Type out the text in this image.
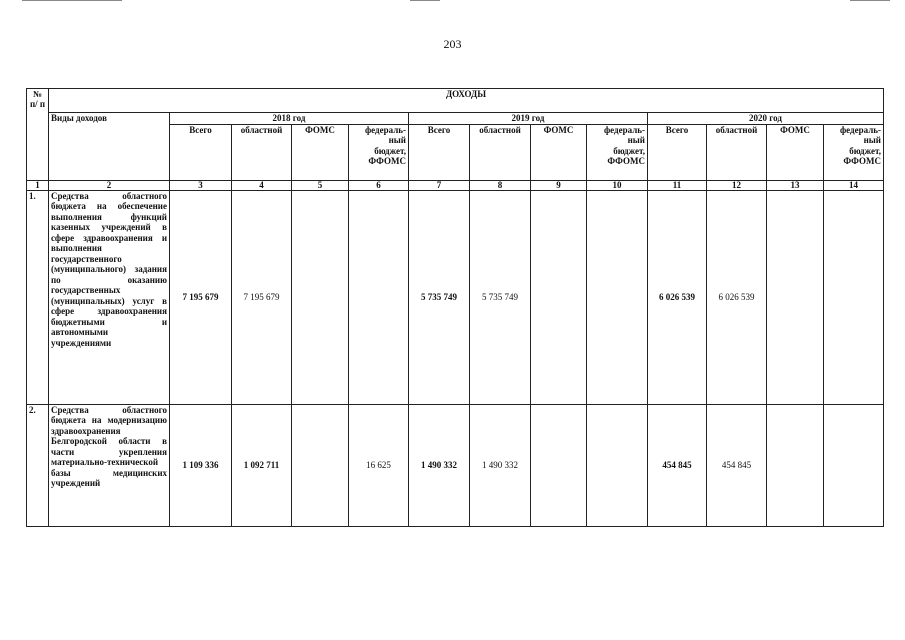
203
№ п/ п	ДОХОДЫ												
	Виды доходов	2018 год				2019 год				2020 год			
		Всего	областной	ФОМС	федераль-
ный
бюджет,
ФФОМС	Всего	областной	ФОМС	федераль-
ный
бюджет,
ФФОМС	Всего	областной	ФОМС	федераль-
ный
бюджет,
ФФОМС
1	2	3	4	5	6	7	8	9	10	11	12	13	14
1.	Средства областного бюджета на обеспечение выполнения функций казенных учреждений в сфере здравоохранения и выполнения государственного (муниципального) задания по оказанию государственных (муниципальных) услуг в сфере здравоохранения бюджетными и автономными учреждениями	7 195 679	7 195 679			5 735 749	5 735 749			6 026 539	6 026 539		
2.	Средства областного бюджета на модернизацию здравоохранения Белгородской области в части укрепления материально-технической базы медицинских учреждений	1 109 336	1 092 711		16 625	1 490 332	1 490 332			454 845	454 845		
